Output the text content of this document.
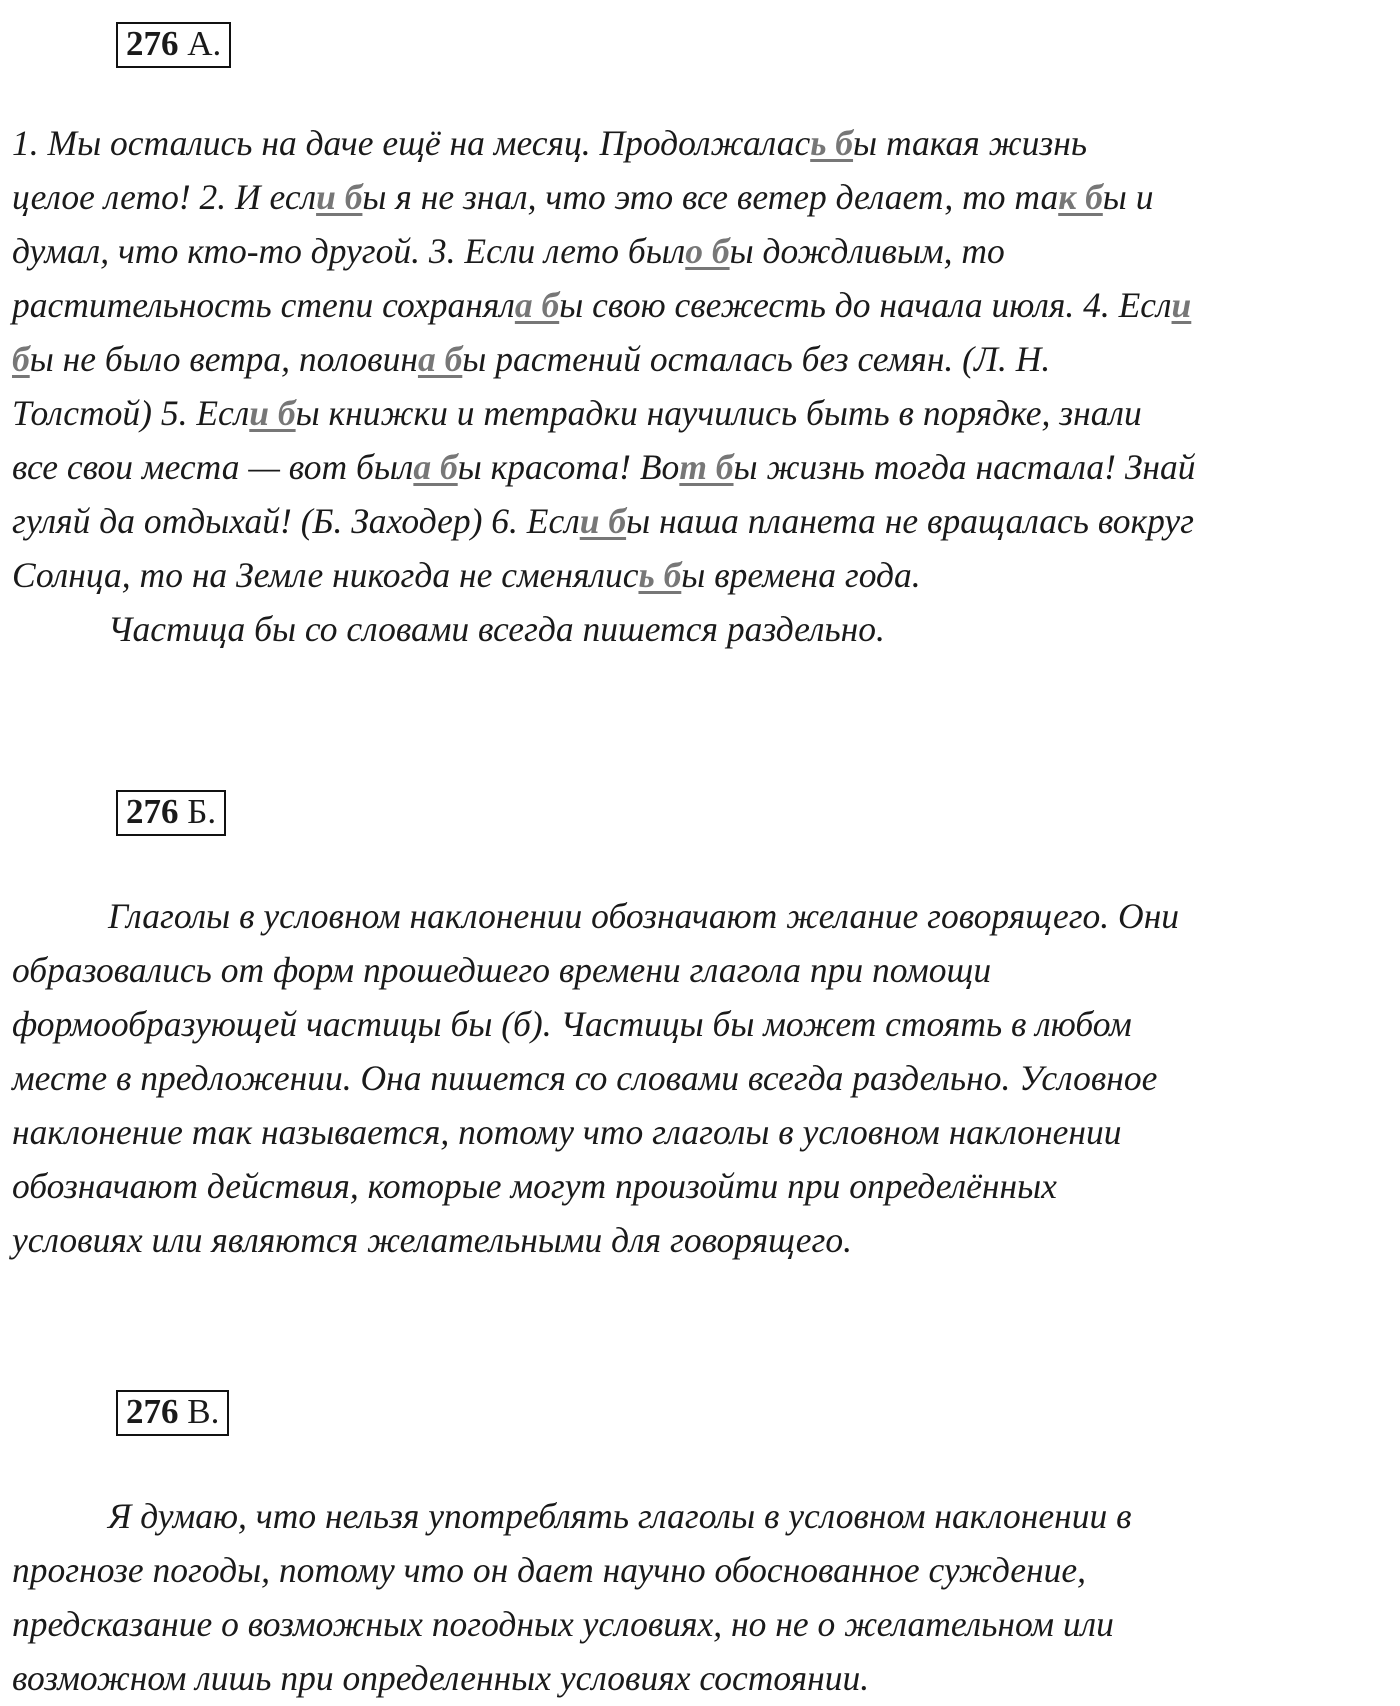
276 А.
1. Мы остались на даче ещё на месяц. Продолжалась бы такая жизнь
целое лето! 2. И если бы я не знал, что это все ветер делает, то так бы и
думал, что кто-то другой. 3. Если лето было бы дождливым, то
растительность степи сохраняла бы свою свежесть до начала июля. 4. Если
бы не было ветра, половина бы растений осталась без семян. (Л. Н.
Толстой) 5. Если бы книжки и тетрадки научились быть в порядке, знали
все свои места — вот была бы красота! Вот бы жизнь тогда настала! Знай
гуляй да отдыхай! (Б. Заходер) 6. Если бы наша планета не вращалась вокруг
Солнца, то на Земле никогда не сменялись бы времена года.
Частица бы со словами всегда пишется раздельно.
276 Б.
Глаголы в условном наклонении обозначают желание говорящего. Они
образовались от форм прошедшего времени глагола при помощи
формообразующей частицы бы (б). Частицы бы может стоять в любом
месте в предложении. Она пишется со словами всегда раздельно. Условное
наклонение так называется, потому что глаголы в условном наклонении
обозначают действия, которые могут произойти при определённых
условиях или являются желательными для говорящего.
276 В.
Я думаю, что нельзя употреблять глаголы в условном наклонении в
прогнозе погоды, потому что он дает научно обоснованное суждение,
предсказание о возможных погодных условиях, но не о желательном или
возможном лишь при определенных условиях состоянии.
